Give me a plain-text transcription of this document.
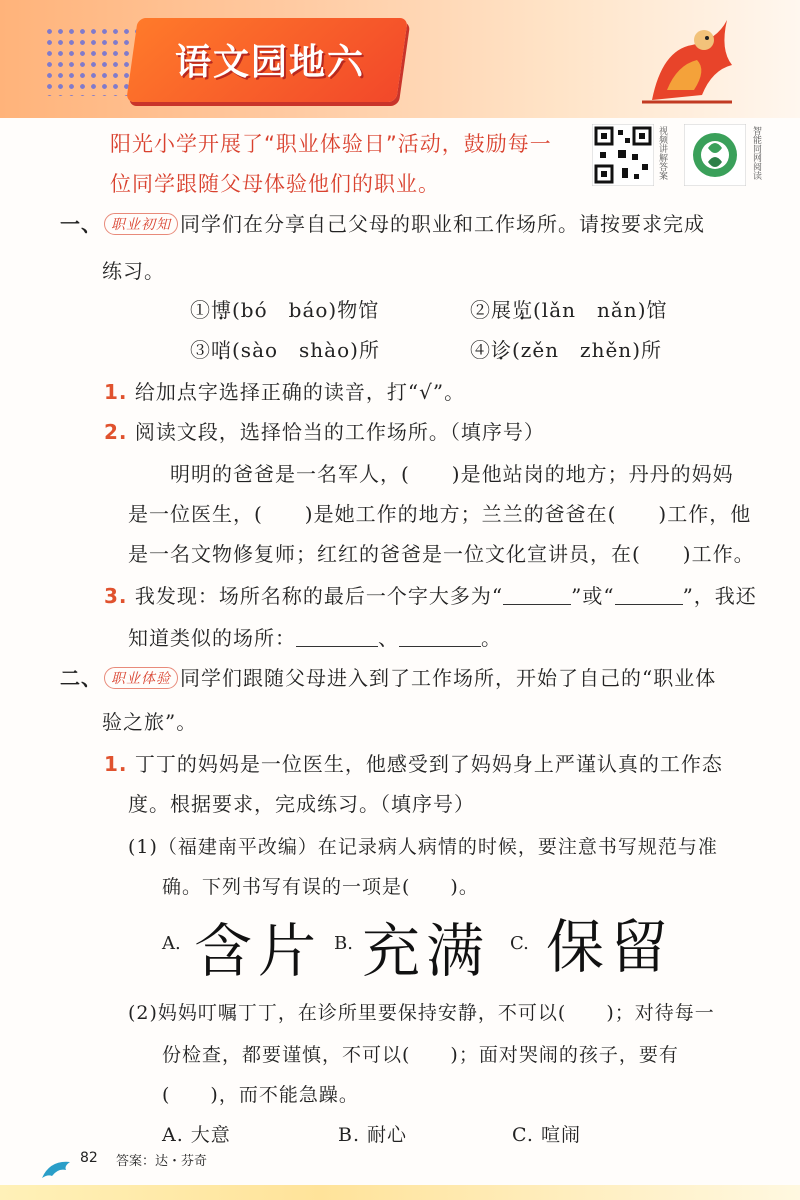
语文园地六
阳光小学开展了“职业体验日”活动，鼓励每一
位同学跟随父母体验他们的职业。
视频讲解答案	智能同网阅读
一、 职业初知 同学们在分享自己父母的职业和工作场所。请按要求完成
练习。
①博(bó　báo)物馆	②展览(lǎn　nǎn)馆
③哨(sào　shào)所	④诊(zěn　zhěn)所
1. 给加点字选择正确的读音，打“√”。
2. 阅读文段，选择恰当的工作场所。（填序号）
明明的爸爸是一名军人，(　　)是他站岗的地方；丹丹的妈妈
是一位医生，(　　)是她工作的地方；兰兰的爸爸在(　　)工作，他
是一名文物修复师；红红的爸爸是一位文化宣讲员，在(　　)工作。
3. 我发现：场所名称的最后一个字大多为“	”或“	”，我还
知道类似的场所：	、	。
二、 职业体验 同学们跟随父母进入到了工作场所，开始了自己的“职业体
验之旅”。
1. 丁丁的妈妈是一位医生，他感受到了妈妈身上严谨认真的工作态
度。根据要求，完成练习。（填序号）
(1)（福建南平改编）在记录病人病情的时候，要注意书写规范与准
确。下列书写有误的一项是(　　)。
A. 含片 B. 充满 C. 保留
(2)妈妈叮嘱丁丁，在诊所里要保持安静，不可以(　　)；对待每一
份检查，都要谨慎，不可以(　　)；面对哭闹的孩子，要有
(　　)，而不能急躁。
A. 大意	B. 耐心	C. 喧闹
82 答案：达・芬奇
